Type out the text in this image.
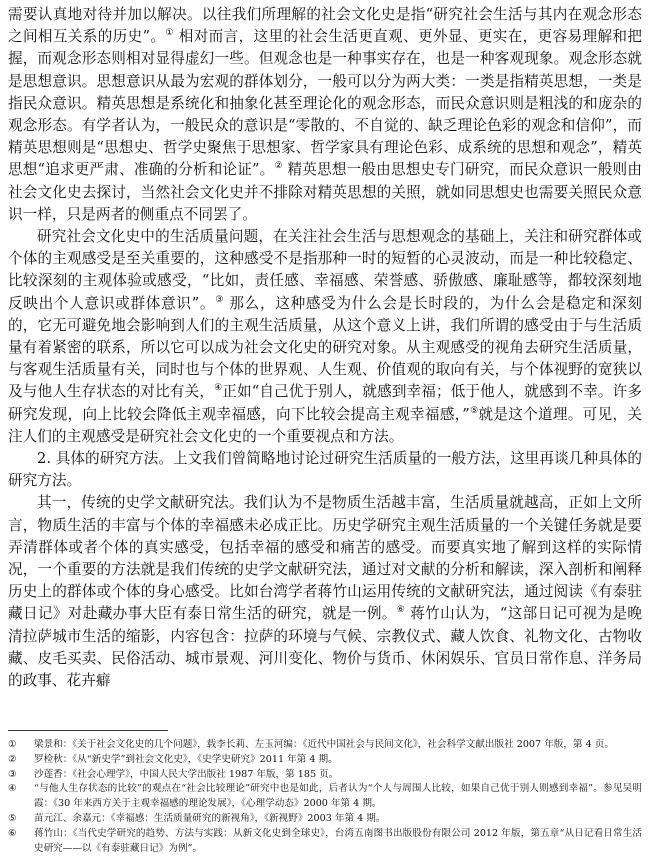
需要认真地对待并加以解决。以往我们所理解的社会文化史是指“研究社会生活与其内在观念形态之间相互关系的历史”。① 相对而言，这里的社会生活更直观、更外显、更实在，更容易理解和把握，而观念形态则相对显得虚幻一些。但观念也是一种事实存在，也是一种客观现象。观念形态就是思想意识。思想意识从最为宏观的群体划分，一般可以分为两大类：一类是指精英思想，一类是指民众意识。精英思想是系统化和抽象化甚至理论化的观念形态，而民众意识则是粗浅的和庞杂的观念形态。有学者认为，一般民众的意识是“零散的、不自觉的、缺乏理论色彩的观念和信仰”，而精英思想则是“思想史、哲学史聚焦于思想家、哲学家具有理论色彩、成系统的思想和观念”，精英思想“追求更严肃、准确的分析和论证”。② 精英思想一般由思想史专门研究，而民众意识一般则由社会文化史去探讨，当然社会文化史并不排除对精英思想的关照，就如同思想史也需要关照民众意识一样，只是两者的侧重点不同罢了。

研究社会文化史中的生活质量问题，在关注社会生活与思想观念的基础上，关注和研究群体或个体的主观感受是至关重要的，这种感受不是指那种一时的短暂的心灵波动，而是一种比较稳定、比较深刻的主观体验或感受，“比如，责任感、幸福感、荣誉感、骄傲感、廉耻感等，都较深刻地反映出个人意识或群体意识”。③ 那么，这种感受为什么会是长时段的，为什么会是稳定和深刻的，它无可避免地会影响到人们的主观生活质量，从这个意义上讲，我们所谓的感受由于与生活质量有着紧密的联系，所以它可以成为社会文化史的研究对象。从主观感受的视角去研究生活质量，与客观生活质量有关，同时也与个体的世界观、人生观、价值观的取向有关，与个体视野的宽狭以及与他人生存状态的对比有关，④正如“自己优于别人，就感到幸福；低于他人，就感到不幸。许多研究发现，向上比较会降低主观幸福感，向下比较会提高主观幸福感，”⑤就是这个道理。可见，关注人们的主观感受是研究社会文化史的一个重要视点和方法。

2. 具体的研究方法。上文我们曾简略地讨论过研究生活质量的一般方法，这里再谈几种具体的研究方法。

其一，传统的史学文献研究法。我们认为不是物质生活越丰富，生活质量就越高，正如上文所言，物质生活的丰富与个体的幸福感未必成正比。历史学研究主观生活质量的一个关键任务就是要弄清群体或者个体的真实感受，包括幸福的感受和痛苦的感受。而要真实地了解到这样的实际情况，一个重要的方法就是我们传统的史学文献研究法，通过对文献的分析和解读，深入剖析和阐释历史上的群体或个体的身心感受。比如台湾学者蒋竹山运用传统的文献研究法，通过阅读《有泰驻藏日记》对赴藏办事大臣有泰日常生活的研究，就是一例。⑥ 蒋竹山认为，“这部日记可视为是晚清拉萨城市生活的缩影，内容包含：拉萨的环境与气候、宗教仪式、藏人饮食、礼物文化、古物收藏、皮毛买卖、民俗活动、城市景观、河川变化、物价与货币、休闲娱乐、官员日常作息、洋务局的政事、花卉癖

①	梁景和：《关于社会文化史的几个问题》，载李长莉、左玉河编：《近代中国社会与民间文化》，社会科学文献出版社 2007 年版，第 4 页。
②	罗检秋：《从“新史学”到社会文化史》，《史学史研究》2011 年第 4 期。
③	沙莲香：《社会心理学》，中国人民大学出版社 1987 年版，第 185 页。
④	“与他人生存状态的比较”的观点在“社会比较理论”研究中也是如此，后者认为“个人与周围人比较，如果自己优于别人则感到幸福”。参见吴明霞：《30 年来西方关于主观幸福感的理论发展》，《心理学动态》2000 年第 4 期。
⑤	苗元江、余嘉元：《幸福感：生活质量研究的新视角》，《新视野》2003 年第 4 期。
⑥	蒋竹山：《当代史学研究的趋势、方法与实践：从新文化史到全球史》，台湾五南图书出版股份有限公司 2012 年版，第五章“从日记看日常生活史研究——以《有泰驻藏日记》为例”。
